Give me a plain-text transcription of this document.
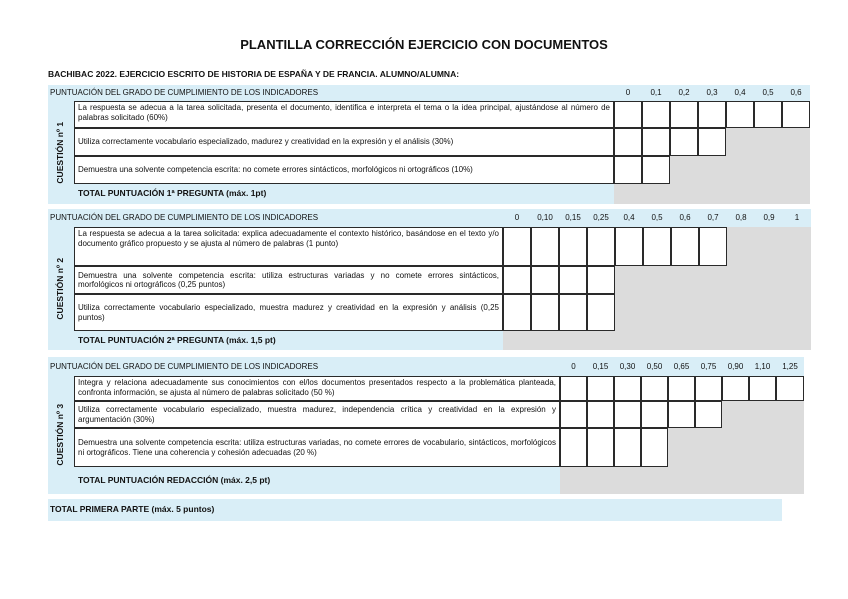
PLANTILLA CORRECCIÓN EJERCICIO CON DOCUMENTOS
BACHIBAC 2022. EJERCICIO ESCRITO DE HISTORIA DE ESPAÑA Y DE FRANCIA. ALUMNO/ALUMNA:
PUNTUACIÓN DEL GRADO DE CUMPLIMIENTO DE LOS INDICADORES	0	0,1	0,2	0,3	0,4	0,5	0,6
CUESTIÓN nº 1
La respuesta se adecua a la tarea solicitada, presenta el documento, identifica e interpreta el tema o la idea principal, ajustándose al número de palabras solicitado (60%)
Utiliza correctamente vocabulario especializado, madurez y creatividad en la expresión y el análisis (30%)
Demuestra una solvente competencia escrita: no comete errores sintácticos, morfológicos ni ortográficos (10%)
TOTAL PUNTUACIÓN 1ª PREGUNTA (máx. 1pt)
PUNTUACIÓN DEL GRADO DE CUMPLIMIENTO DE LOS INDICADORES	0	0,10	0,15	0,25	0,4	0,5	0,6	0,7	0,8	0,9	1
CUESTIÓN nº 2
La respuesta se adecua a la tarea solicitada: explica adecuadamente el contexto histórico, basándose en el texto y/o documento gráfico propuesto y se ajusta al número de palabras (1 punto)
Demuestra una solvente competencia escrita: utiliza estructuras variadas y no comete errores sintácticos, morfológicos ni ortográficos (0,25 puntos)
Utiliza correctamente vocabulario especializado, muestra madurez y creatividad en la expresión y análisis (0,25 puntos)
TOTAL PUNTUACIÓN 2ª PREGUNTA (máx. 1,5 pt)
PUNTUACIÓN DEL GRADO DE CUMPLIMIENTO DE LOS INDICADORES	0	0,15	0,30	0,50	0,65	0,75	0,90	1,10	1,25
CUESTIÓN nº 3
Integra y relaciona adecuadamente sus conocimientos con el/los documentos presentados respecto a la problemática planteada, confronta información, se ajusta al número de palabras solicitado (50 %)
Utiliza correctamente vocabulario especializado, muestra madurez, independencia crítica y creatividad en la expresión y argumentación (30%)
Demuestra una solvente competencia escrita: utiliza estructuras variadas, no comete errores de vocabulario, sintácticos, morfológicos ni ortográficos. Tiene una coherencia y cohesión adecuadas (20 %)
TOTAL PUNTUACIÓN REDACCIÓN (máx. 2,5 pt)
TOTAL PRIMERA PARTE (máx. 5 puntos)
